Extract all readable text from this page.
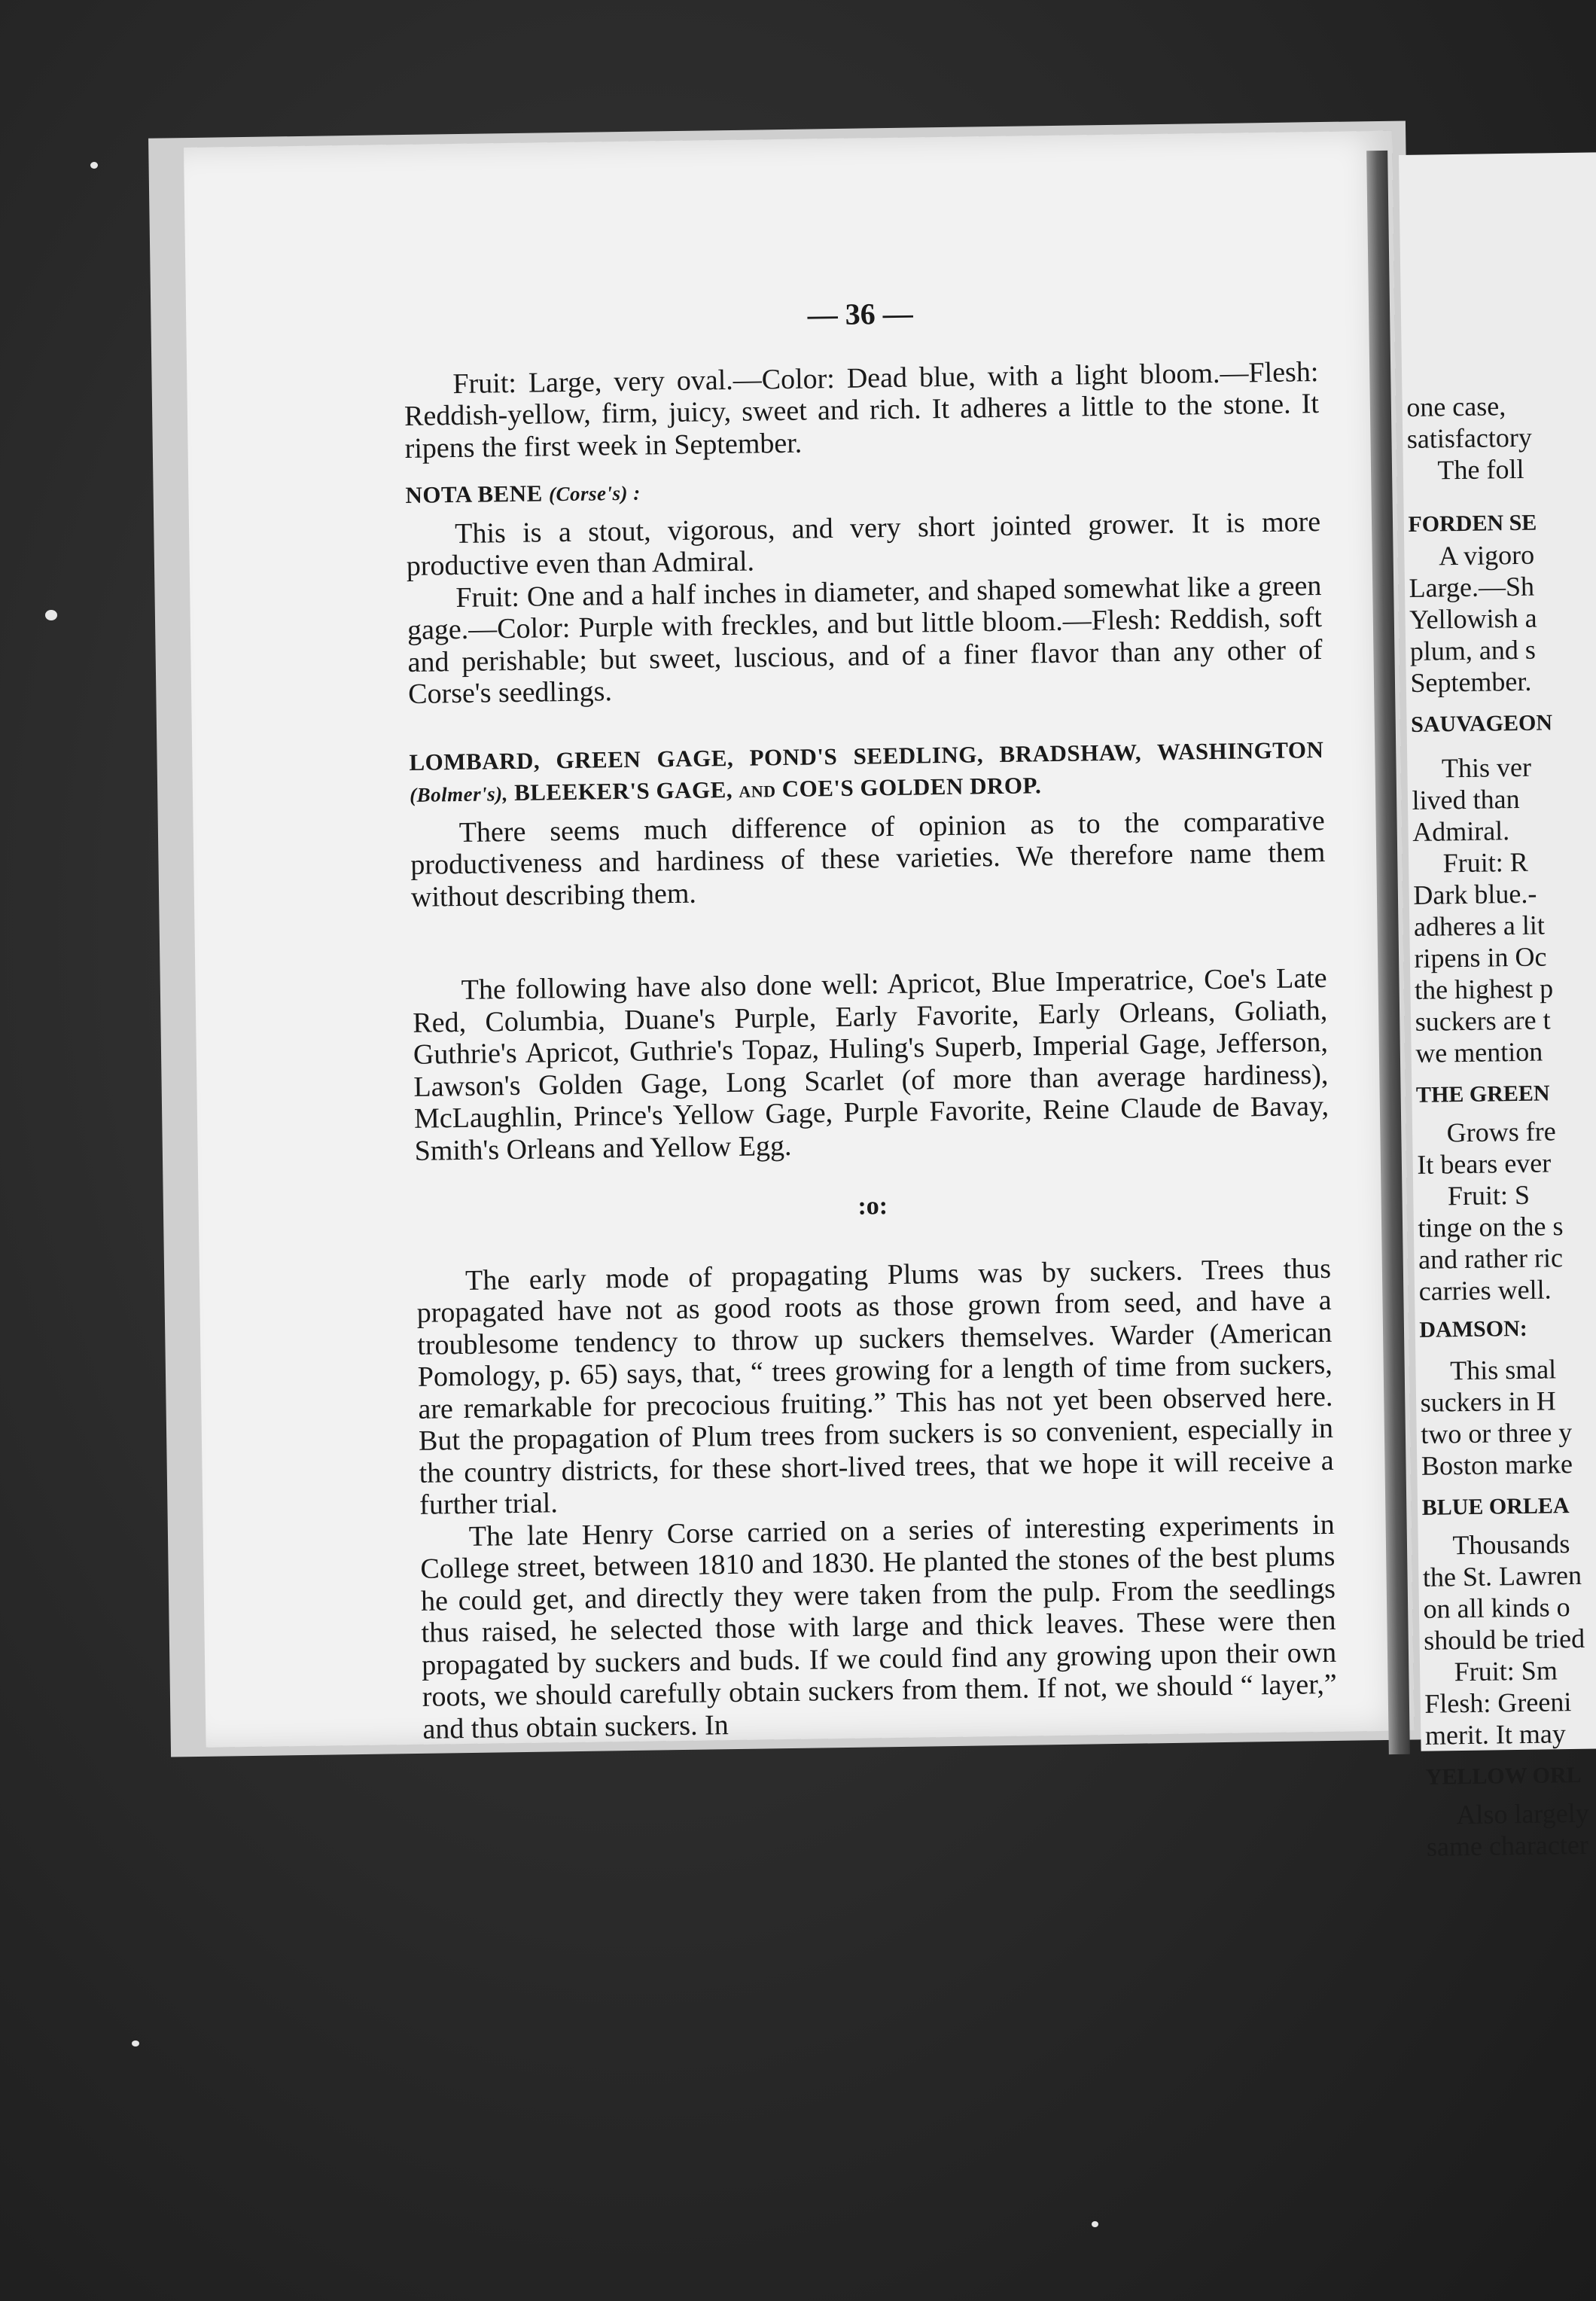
— 36 —

Fruit: Large, very oval.—Color: Dead blue, with a light bloom.—Flesh: Reddish-yellow, firm, juicy, sweet and rich. It adheres a little to the stone. It ripens the first week in September.

NOTA BENE (Corse's) :

This is a stout, vigorous, and very short jointed grower. It is more productive even than Admiral.

Fruit: One and a half inches in diameter, and shaped somewhat like a green gage.—Color: Purple with freckles, and but little bloom.—Flesh: Reddish, soft and perishable; but sweet, luscious, and of a finer flavor than any other of Corse's seedlings.

LOMBARD, GREEN GAGE, POND'S SEEDLING, BRADSHAW, WASHINGTON (Bolmer's), BLEEKER'S GAGE, and COE'S GOLDEN DROP.

There seems much difference of opinion as to the comparative productiveness and hardiness of these varieties. We therefore name them without describing them.

The following have also done well: Apricot, Blue Imperatrice, Coe's Late Red, Columbia, Duane's Purple, Early Favorite, Early Orleans, Goliath, Guthrie's Apricot, Guthrie's Topaz, Huling's Superb, Imperial Gage, Jefferson, Lawson's Golden Gage, Long Scarlet (of more than average hardiness), McLaughlin, Prince's Yellow Gage, Purple Favorite, Reine Claude de Bavay, Smith's Orleans and Yellow Egg.

:o:

The early mode of propagating Plums was by suckers. Trees thus propagated have not as good roots as those grown from seed, and have a troublesome tendency to throw up suckers themselves. Warder (American Pomology, p. 65) says, that, “ trees growing for a length of time from suckers, are remarkable for precocious fruiting.” This has not yet been observed here. But the propagation of Plum trees from suckers is so convenient, especially in the country districts, for these short-lived trees, that we hope it will receive a further trial.

The late Henry Corse carried on a series of interesting experiments in College street, between 1810 and 1830. He planted the stones of the best plums he could get, and directly they were taken from the pulp. From the seedlings thus raised, he selected those with large and thick leaves. These were then propagated by suckers and buds. If we could find any growing upon their own roots, we should carefully obtain suckers from them. If not, we should “ layer,” and thus obtain suckers. In

one case,
satisfactory
The foll
FORDEN SE
A vigoro
Large.—Sh
Yellowish a
plum, and s
September.
SAUVAGEON
This ver
lived than
Admiral.
Fruit: R
Dark blue.-
adheres a lit
ripens in Oc
the highest p
suckers are t
we mention
THE GREEN
Grows fre
It bears ever
Fruit: S
tinge on the s
and rather ric
carries well.
DAMSON:
This smal
suckers in H
two or three y
Boston marke
BLUE ORLEA
Thousands
the St. Lawren
on all kinds o
should be tried
Fruit: Sm
Flesh: Greeni
merit. It may
YELLOW ORL
Also largely
same character
